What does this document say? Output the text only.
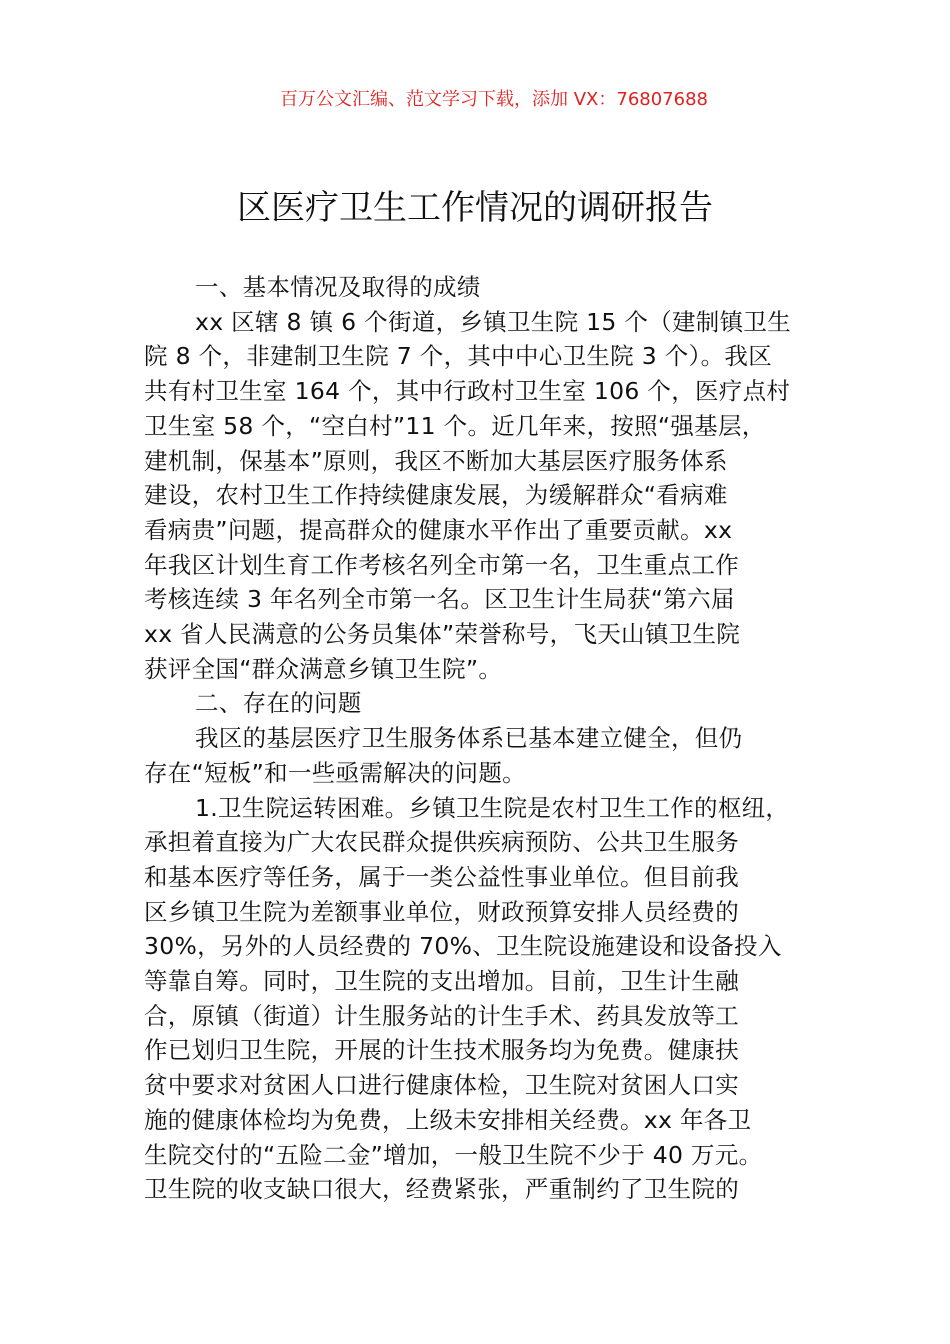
百万公文汇编、范文学习下载，添加 VX：76807688
区医疗卫生工作情况的调研报告
一、基本情况及取得的成绩
xx 区辖 8 镇 6 个街道，乡镇卫生院 15 个（建制镇卫生
院 8 个，非建制卫生院 7 个，其中中心卫生院 3 个）。我区
共有村卫生室 164 个，其中行政村卫生室 106 个，医疗点村
卫生室 58 个，“空白村”11 个。近几年来，按照“强基层，
建机制，保基本”原则，我区不断加大基层医疗服务体系
建设，农村卫生工作持续健康发展，为缓解群众“看病难
看病贵”问题，提高群众的健康水平作出了重要贡献。xx
年我区计划生育工作考核名列全市第一名，卫生重点工作
考核连续 3 年名列全市第一名。区卫生计生局获“第六届
xx 省人民满意的公务员集体”荣誉称号，飞天山镇卫生院
获评全国“群众满意乡镇卫生院”。
二、存在的问题
我区的基层医疗卫生服务体系已基本建立健全，但仍
存在“短板”和一些亟需解决的问题。
1.卫生院运转困难。乡镇卫生院是农村卫生工作的枢纽，
承担着直接为广大农民群众提供疾病预防、公共卫生服务
和基本医疗等任务，属于一类公益性事业单位。但目前我
区乡镇卫生院为差额事业单位，财政预算安排人员经费的
30%，另外的人员经费的 70%、卫生院设施建设和设备投入
等靠自筹。同时，卫生院的支出增加。目前，卫生计生融
合，原镇（街道）计生服务站的计生手术、药具发放等工
作已划归卫生院，开展的计生技术服务均为免费。健康扶
贫中要求对贫困人口进行健康体检，卫生院对贫困人口实
施的健康体检均为免费，上级未安排相关经费。xx 年各卫
生院交付的“五险二金”增加，一般卫生院不少于 40 万元。
卫生院的收支缺口很大，经费紧张，严重制约了卫生院的
